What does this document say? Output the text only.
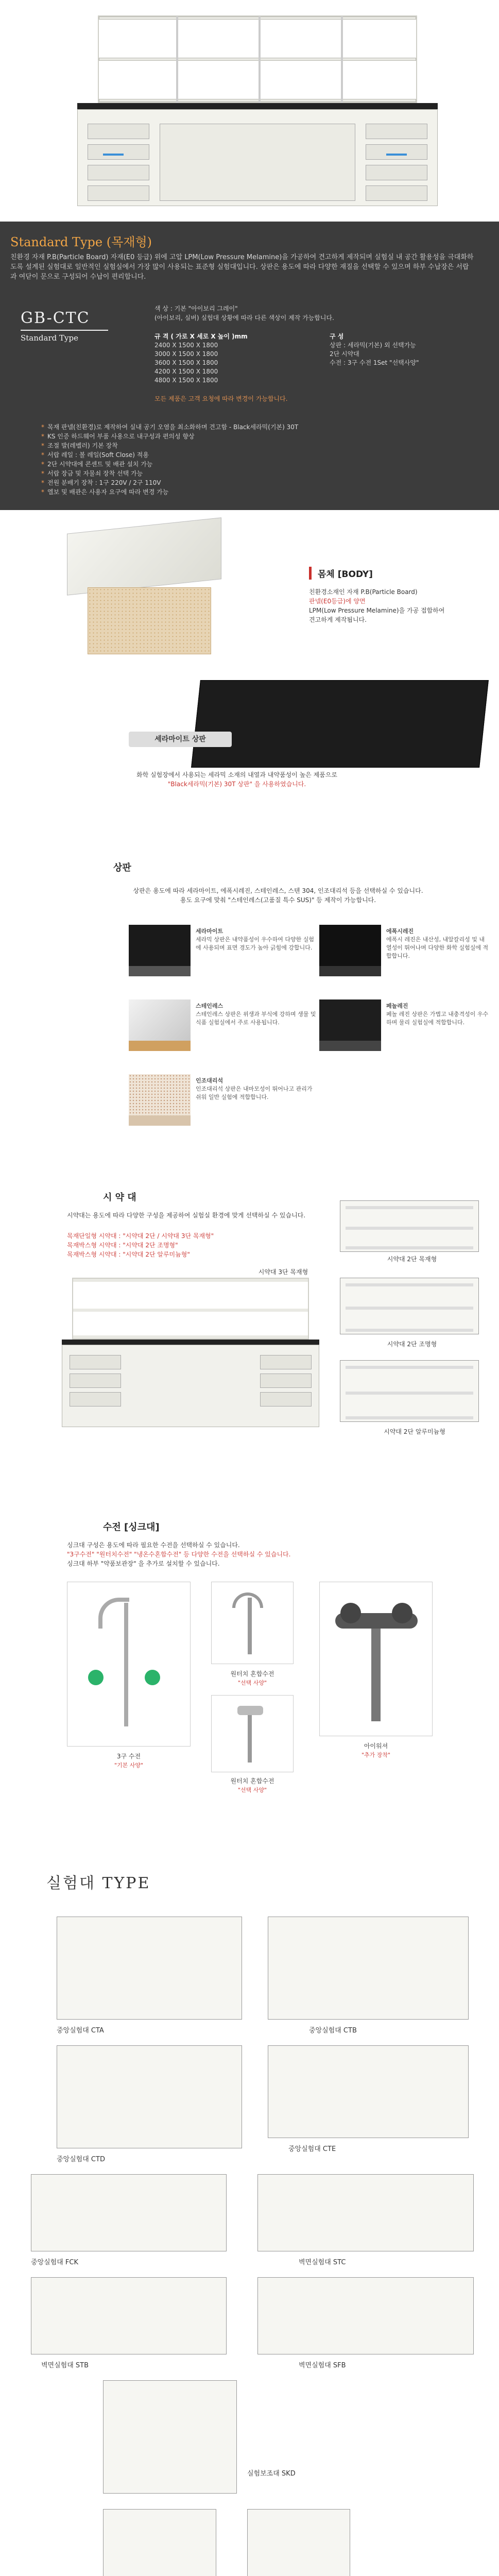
Standard Type (목재형)
친환경 자재 P.B(Particle Board) 자재(E0 등급) 위에 고압 LPM(Low Pressure Melamine)을 가공하여 견고하게 제작되며 실험실 내 공간 활용성을 극대화하도록 설계된 실험대로 일반적인 실험실에서 가장 많이 사용되는 표준형 실험대입니다. 상판은 용도에 따라 다양한 재질을 선택할 수 있으며 하부 수납장은 서랍과 여닫이 문으로 구성되어 수납이 편리합니다.
GB-CTC
Standard Type
색 상 : 기본 "아이보리 그레이"
(아이보리, 실버) 실험대 상황에 따라 다른 색상이 제작 가능합니다.
규 격 ( 가로 X 세로 X 높이 )mm
2400 X 1500 X 1800
3000 X 1500 X 1800
3600 X 1500 X 1800
4200 X 1500 X 1800
4800 X 1500 X 1800
구 성
상판 : 세라믹(기본) 외 선택가능
2단 시약대
수전 : 3구 수전 1Set "선택사양"
모든 제품은 고객 요청에 따라 변경이 가능합니다.
* 목재 판넬(친환경)로 제작하여 실내 공기 오염을 최소화하며 견고함 - Black세라믹(기본) 30T
* KS 인증 하드웨어 부품 사용으로 내구성과 편의성 향상
* 조절 발(레벨러) 기본 장착
* 서랍 레일 : 볼 레일(Soft Close) 적용
* 2단 시약대에 콘센트 및 배관 설치 가능
* 서랍 장금 및 자물쇠 장착 선택 가능
* 전원 분배기 장착 : 1구 220V / 2구 110V
* 엘보 및 배관은 사용자 요구에 따라 변경 가능
몸체 [BODY]
친환경소재인 자재 P.B(Particle Board)
판넬(E0등급)에 양면
LPM(Low Pressure Melamine)을 가공 접합하여
견고하게 제작됩니다.
세라마이트 상판
화학 실험장에서 사용되는 세라믹 소재의 내열과 내약품성이 높은 제품으로
"Black세라믹(기본) 30T 상판" 을 사용하였습니다.
상판
상판은 용도에 따라 세라마이트, 에폭시레진, 스테인레스, 스텐 304, 인조대리석 등을 선택하실 수 있습니다.
용도 요구에 맞춰 "스테인레스(고품질 특수 SUS)" 등 제작이 가능합니다.
세라마이트
세라믹 상판은 내약품성이 우수하여 다양한 실험에 사용되며 표면 경도가 높아 긁힘에 강합니다.
에폭시레진
에폭시 레진은 내산성, 내알칼리성 및 내열성이 뛰어나며 다양한 화학 실험실에 적합합니다.
스테인레스
스테인레스 상판은 위생과 부식에 강하며 생물 및 식품 실험실에서 주로 사용됩니다.
페놀레진
페놀 레진 상판은 가볍고 내충격성이 우수하며 물리 실험실에 적합합니다.
인조대리석
인조대리석 상판은 내마모성이 뛰어나고 관리가 쉬워 일반 실험에 적합합니다.
시 약 대
시약대는 용도에 따라 다양한 구성을 제공하여 실험실 환경에 맞게 선택하실 수 있습니다.
목재단일형 시약대 : "시약대 2단 / 시약대 3단 목재형"
목재박스형 시약대 : "시약대 2단 조명형"
목재박스형 시약대 : "시약대 2단 알루미늄형"
시약대 3단 목재형
시약대 2단 목재형
시약대 2단 조명형
시약대 2단 알루미늄형
수전 [싱크대]
싱크대 구성은 용도에 따라 필요한 수전을 선택하실 수 있습니다.
"3구수전" "원터치수전" "냉온수혼합수전" 등 다양한 수전을 선택하실 수 있습니다.
싱크대 하부 "약품보관장" 을 추가로 설치할 수 있습니다.
3구 수전
"기본 사양"
원터치 혼합수전
"선택 사양"
원터치 혼합수전
"선택 사양"
아이워셔
"추가 장착"
실험대 TYPE
중앙실험대 CTA	중앙실험대 CTB
중앙실험대 CTD
중앙실험대 CTE
중앙실험대 FCK	벽면실험대 STC
벽면실험대 STB	벽면실험대 SFB
실험보조대 SKD
